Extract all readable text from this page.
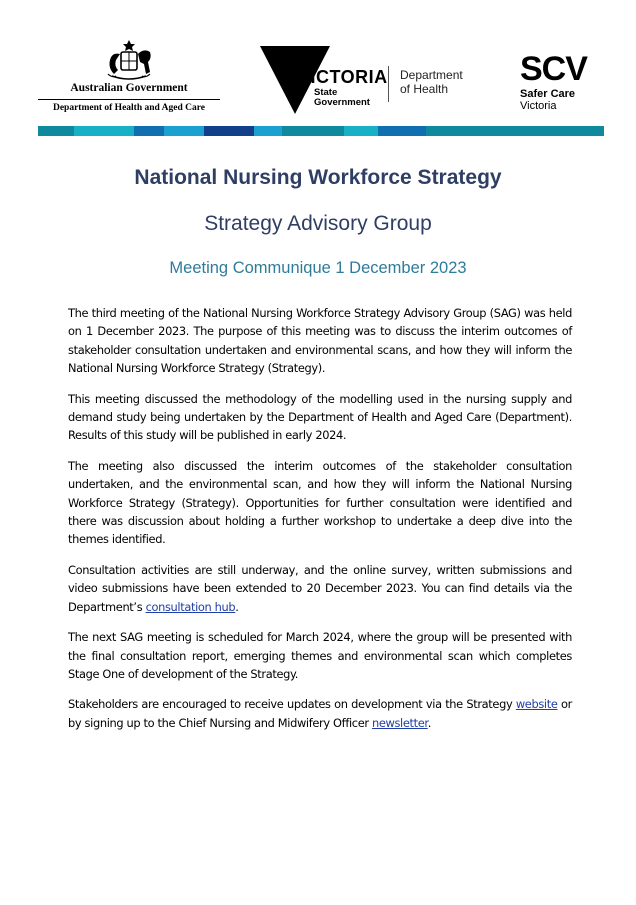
Australian Government
Department of Health and Aged Care
VICTORIA
State
Government
Department
of Health
SCV
Safer Care
Victoria
National Nursing Workforce Strategy
Strategy Advisory Group
Meeting Communique 1 December 2023

The third meeting of the National Nursing Workforce Strategy Advisory Group (SAG) was held on 1 December 2023. The purpose of this meeting was to discuss the interim outcomes of stakeholder consultation undertaken and environmental scans, and how they will inform the National Nursing Workforce Strategy (Strategy).

This meeting discussed the methodology of the modelling used in the nursing supply and demand study being undertaken by the Department of Health and Aged Care (Department). Results of this study will be published in early 2024.

The meeting also discussed the interim outcomes of the stakeholder consultation undertaken, and the environmental scan, and how they will inform the National Nursing Workforce Strategy (Strategy). Opportunities for further consultation were identified and there was discussion about holding a further workshop to undertake a deep dive into the themes identified.

Consultation activities are still underway, and the online survey, written submissions and video submissions have been extended to 20 December 2023. You can find details via the Department’s consultation hub.

The next SAG meeting is scheduled for March 2024, where the group will be presented with the final consultation report, emerging themes and environmental scan which completes Stage One of development of the Strategy.

Stakeholders are encouraged to receive updates on development via the Strategy website or by signing up to the Chief Nursing and Midwifery Officer newsletter.
